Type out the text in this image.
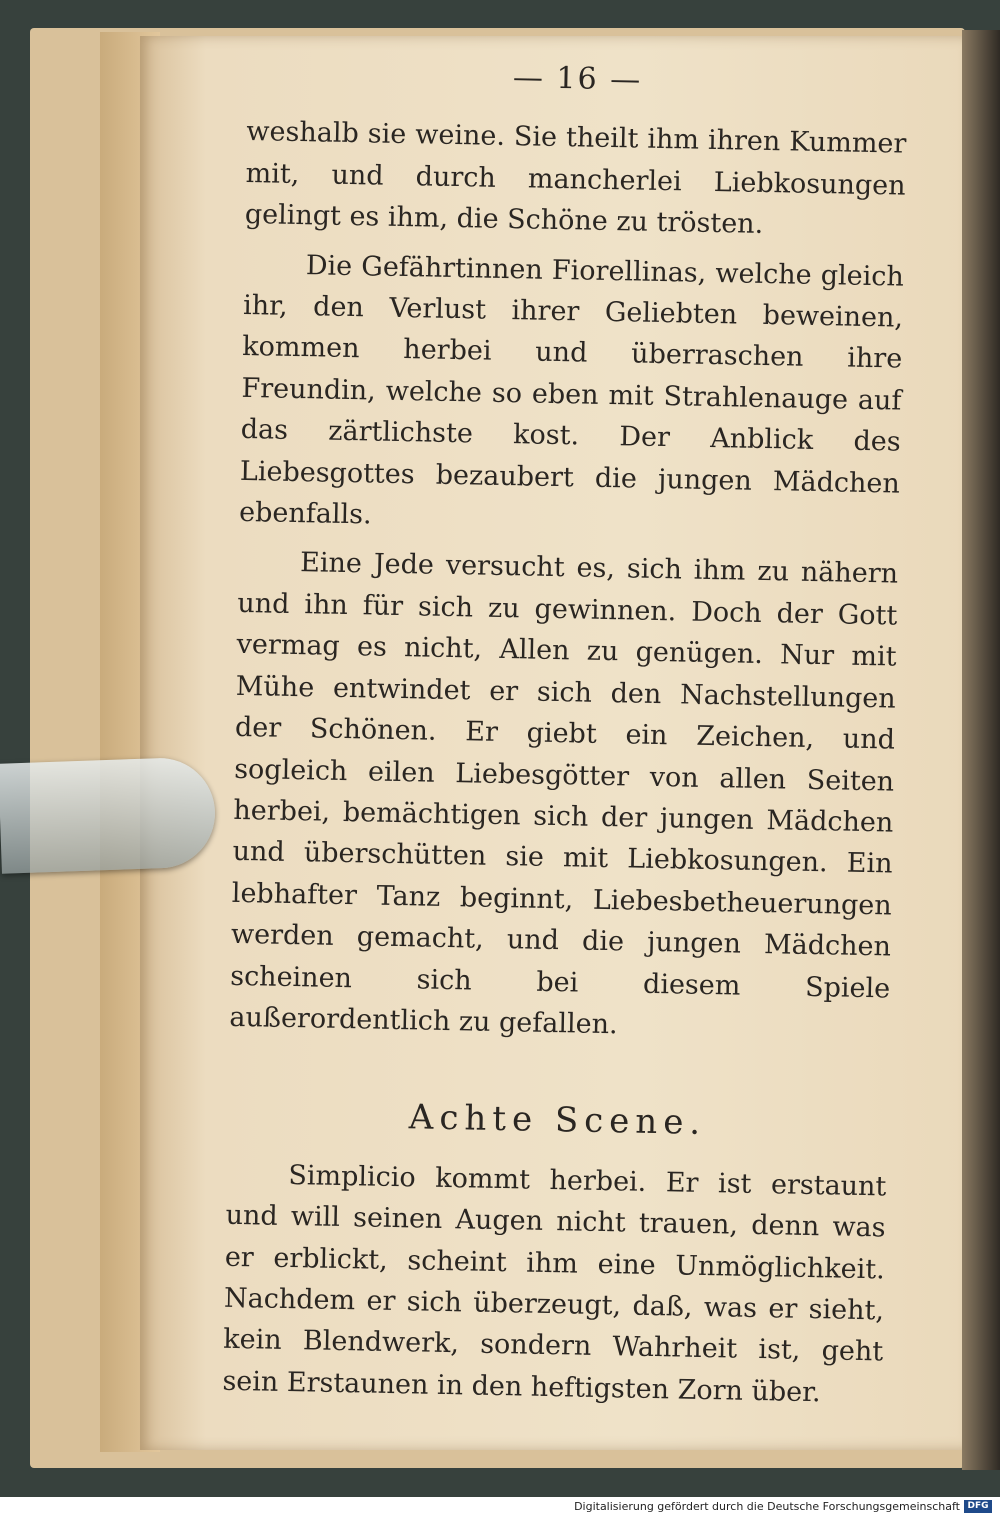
— 16 —

weshalb sie weine. Sie theilt ihm ihren Kummer mit, und durch mancherlei Liebkosungen gelingt es ihm, die Schöne zu trösten.

Die Gefährtinnen Fiorellinas, welche gleich ihr, den Verlust ihrer Geliebten beweinen, kommen herbei und überraschen ihre Freundin, welche so eben mit Strahlenauge auf das zärtlichste kost. Der Anblick des Liebesgottes bezaubert die jungen Mädchen ebenfalls.

Eine Jede versucht es, sich ihm zu nähern und ihn für sich zu gewinnen. Doch der Gott vermag es nicht, Allen zu genügen. Nur mit Mühe entwindet er sich den Nachstellungen der Schönen. Er giebt ein Zeichen, und sogleich eilen Liebesgötter von allen Seiten herbei, bemächtigen sich der jungen Mädchen und überschütten sie mit Liebkosungen. Ein lebhafter Tanz beginnt, Liebesbetheuerungen werden gemacht, und die jungen Mädchen scheinen sich bei diesem Spiele außerordentlich zu gefallen.

Achte Scene.

Simplicio kommt herbei. Er ist erstaunt und will seinen Augen nicht trauen, denn was er erblickt, scheint ihm eine Unmöglichkeit. Nachdem er sich überzeugt, daß, was er sieht, kein Blendwerk, sondern Wahrheit ist, geht sein Erstaunen in den heftigsten Zorn über.

Digitalisierung gefördert durch die Deutsche Forschungsgemeinschaft DFG
